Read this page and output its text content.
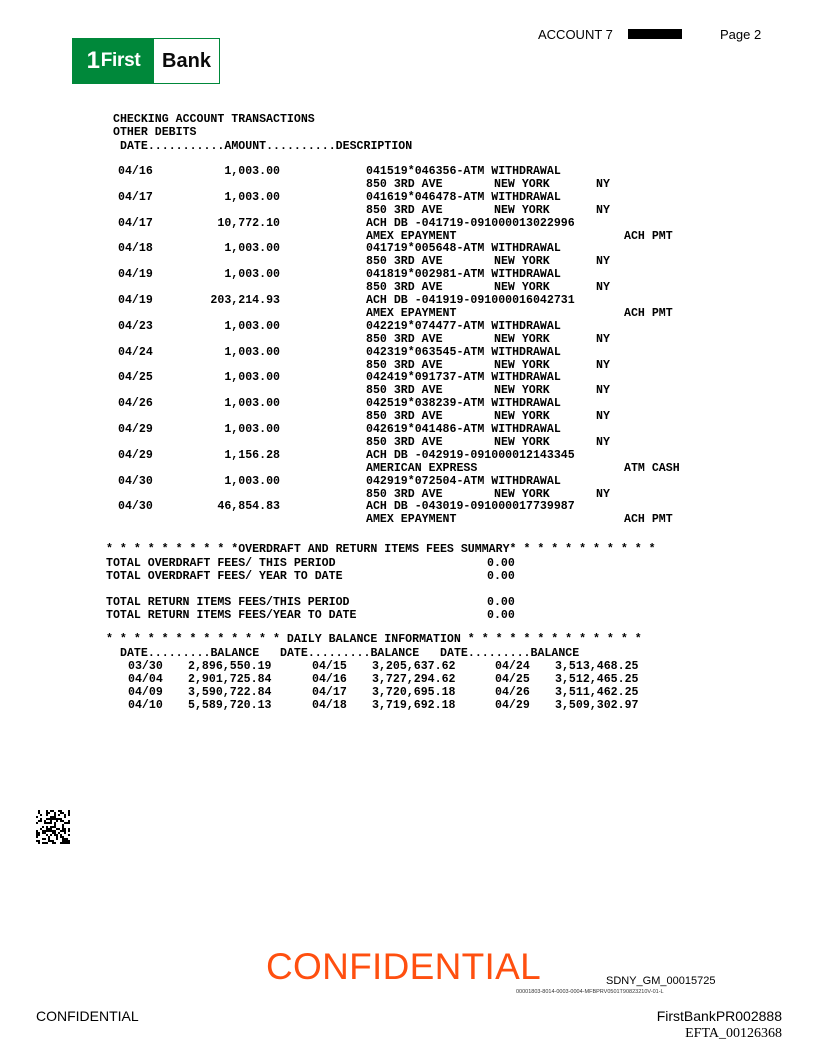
ACCOUNT 7	Page 2
1 First	Bank
CHECKING ACCOUNT TRANSACTIONS
OTHER DEBITS
DATE...........AMOUNT..........DESCRIPTION
04/16	1,003.00	041519*046356-ATM WITHDRAWAL
850 3RD AVE	NEW YORK	NY
04/17	1,003.00	041619*046478-ATM WITHDRAWAL
850 3RD AVE	NEW YORK	NY
04/17	10,772.10	ACH DB -041719-091000013022996
AMEX EPAYMENT	ACH PMT
04/18	1,003.00	041719*005648-ATM WITHDRAWAL
850 3RD AVE	NEW YORK	NY
04/19	1,003.00	041819*002981-ATM WITHDRAWAL
850 3RD AVE	NEW YORK	NY
04/19	203,214.93	ACH DB -041919-091000016042731
AMEX EPAYMENT	ACH PMT
04/23	1,003.00	042219*074477-ATM WITHDRAWAL
850 3RD AVE	NEW YORK	NY
04/24	1,003.00	042319*063545-ATM WITHDRAWAL
850 3RD AVE	NEW YORK	NY
04/25	1,003.00	042419*091737-ATM WITHDRAWAL
850 3RD AVE	NEW YORK	NY
04/26	1,003.00	042519*038239-ATM WITHDRAWAL
850 3RD AVE	NEW YORK	NY
04/29	1,003.00	042619*041486-ATM WITHDRAWAL
850 3RD AVE	NEW YORK	NY
04/29	1,156.28	ACH DB -042919-091000012143345
AMERICAN EXPRESS	ATM CASH
04/30	1,003.00	042919*072504-ATM WITHDRAWAL
850 3RD AVE	NEW YORK	NY
04/30	46,854.83	ACH DB -043019-091000017739987
AMEX EPAYMENT	ACH PMT
* * * * * * * * * *OVERDRAFT AND RETURN ITEMS FEES SUMMARY* * * * * * * * * * *
TOTAL OVERDRAFT FEES/ THIS PERIOD	0.00
TOTAL OVERDRAFT FEES/ YEAR TO DATE	0.00
TOTAL RETURN ITEMS FEES/THIS PERIOD	0.00
TOTAL RETURN ITEMS FEES/YEAR TO DATE	0.00
* * * * * * * * * * * * * DAILY BALANCE INFORMATION * * * * * * * * * * * * *
DATE.........BALANCE   DATE.........BALANCE   DATE.........BALANCE
03/30 2,896,550.19	04/15 3,205,637.62	04/24 3,513,468.25
04/04 2,901,725.84	04/16 3,727,294.62	04/25 3,512,465.25
04/09 3,590,722.84	04/17 3,720,695.18	04/26 3,511,462.25
04/10 5,589,720.13	04/18 3,719,692.18	04/29 3,509,302.97
CONFIDENTIAL	SDNY_GM_00015725
00001803-8014-0003-0004-MFBPRV0501T90823210V-01-L
CONFIDENTIAL	FirstBankPR002888
EFTA_00126368
